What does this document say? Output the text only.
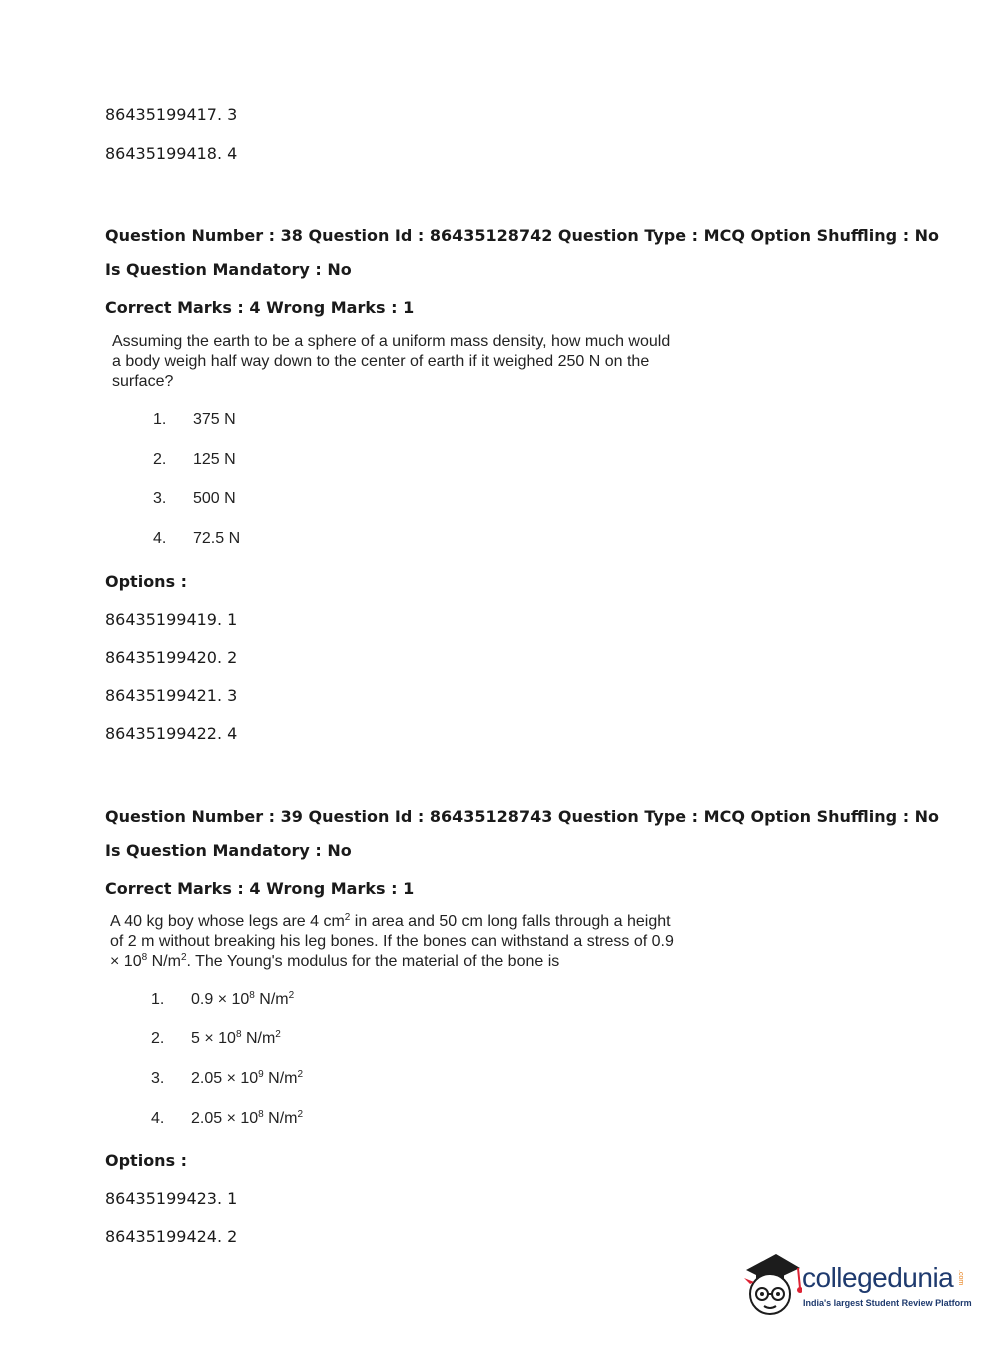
86435199417. 3
86435199418. 4
Question Number : 38 Question Id : 86435128742 Question Type : MCQ Option Shuffling : No
Is Question Mandatory : No
Correct Marks : 4 Wrong Marks : 1
Assuming the earth to be a sphere of a uniform mass density, how much would
a body weigh half way down to the center of earth if it weighed 250 N on the
surface?
1. 375 N
2. 125 N
3. 500 N
4. 72.5 N
Options :
86435199419. 1
86435199420. 2
86435199421. 3
86435199422. 4
Question Number : 39 Question Id : 86435128743 Question Type : MCQ Option Shuffling : No
Is Question Mandatory : No
Correct Marks : 4 Wrong Marks : 1
A 40 kg boy whose legs are 4 $cm^2$ in area and 50 cm long falls through a height
of 2 m without breaking his leg bones. If the bones can withstand a stress of 0.9
× $10^8$ $N/m^2$. The Young's modulus for the material of the bone is
1. $0.9 \times 10^8$ $N/m^2$
2. $5 \times 10^8$ $N/m^2$
3. $2.05 \times 10^9$ $N/m^2$
4. $2.05 \times 10^8$ $N/m^2$
Options :
86435199423. 1
86435199424. 2
collegedunia .com
India's largest Student Review Platform
